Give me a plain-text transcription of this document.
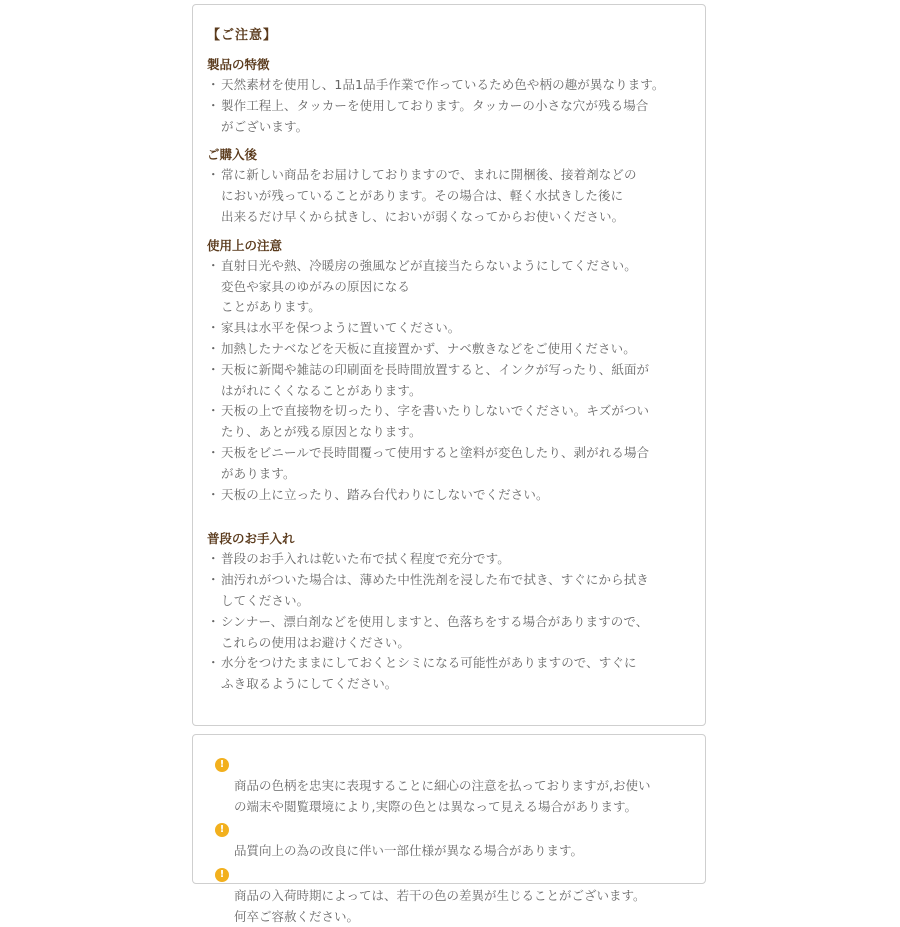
【ご注意】
製品の特徴
・ 天然素材を使用し、1品1品手作業で作っているため色や柄の趣が異なります。
・ 製作工程上、タッカーを使用しております。タッカーの小さな穴が残る場合
がございます。
ご購入後
・ 常に新しい商品をお届けしておりますので、まれに開梱後、接着剤などの
においが残っていることがあります。その場合は、軽く水拭きした後に
出来るだけ早くから拭きし、においが弱くなってからお使いください。
使用上の注意
・ 直射日光や熱、冷暖房の強風などが直接当たらないようにしてください。
変色や家具のゆがみの原因になる
ことがあります。
・ 家具は水平を保つように置いてください。
・ 加熱したナベなどを天板に直接置かず、ナベ敷きなどをご使用ください。
・ 天板に新聞や雑誌の印刷面を長時間放置すると、インクが写ったり、紙面が
はがれにくくなることがあります。
・ 天板の上で直接物を切ったり、字を書いたりしないでください。キズがつい
たり、あとが残る原因となります。
・ 天板をビニールで長時間覆って使用すると塗料が変色したり、剥がれる場合
があります。
・ 天板の上に立ったり、踏み台代わりにしないでください。
普段のお手入れ
・ 普段のお手入れは乾いた布で拭く程度で充分です。
・ 油汚れがついた場合は、薄めた中性洗剤を浸した布で拭き、すぐにから拭き
してください。
・ シンナー、漂白剤などを使用しますと、色落ちをする場合がありますので、
これらの使用はお避けください。
・ 水分をつけたままにしておくとシミになる可能性がありますので、すぐに
ふき取るようにしてください。

!
商品の色柄を忠実に表現することに細心の注意を払っておりますが,お使い
の端末や閲覧環境により,実際の色とは異なって見える場合があります。

!
品質向上の為の改良に伴い一部仕様が異なる場合があります。

!
商品の入荷時期によっては、若干の色の差異が生じることがございます。
何卒ご容赦ください。
